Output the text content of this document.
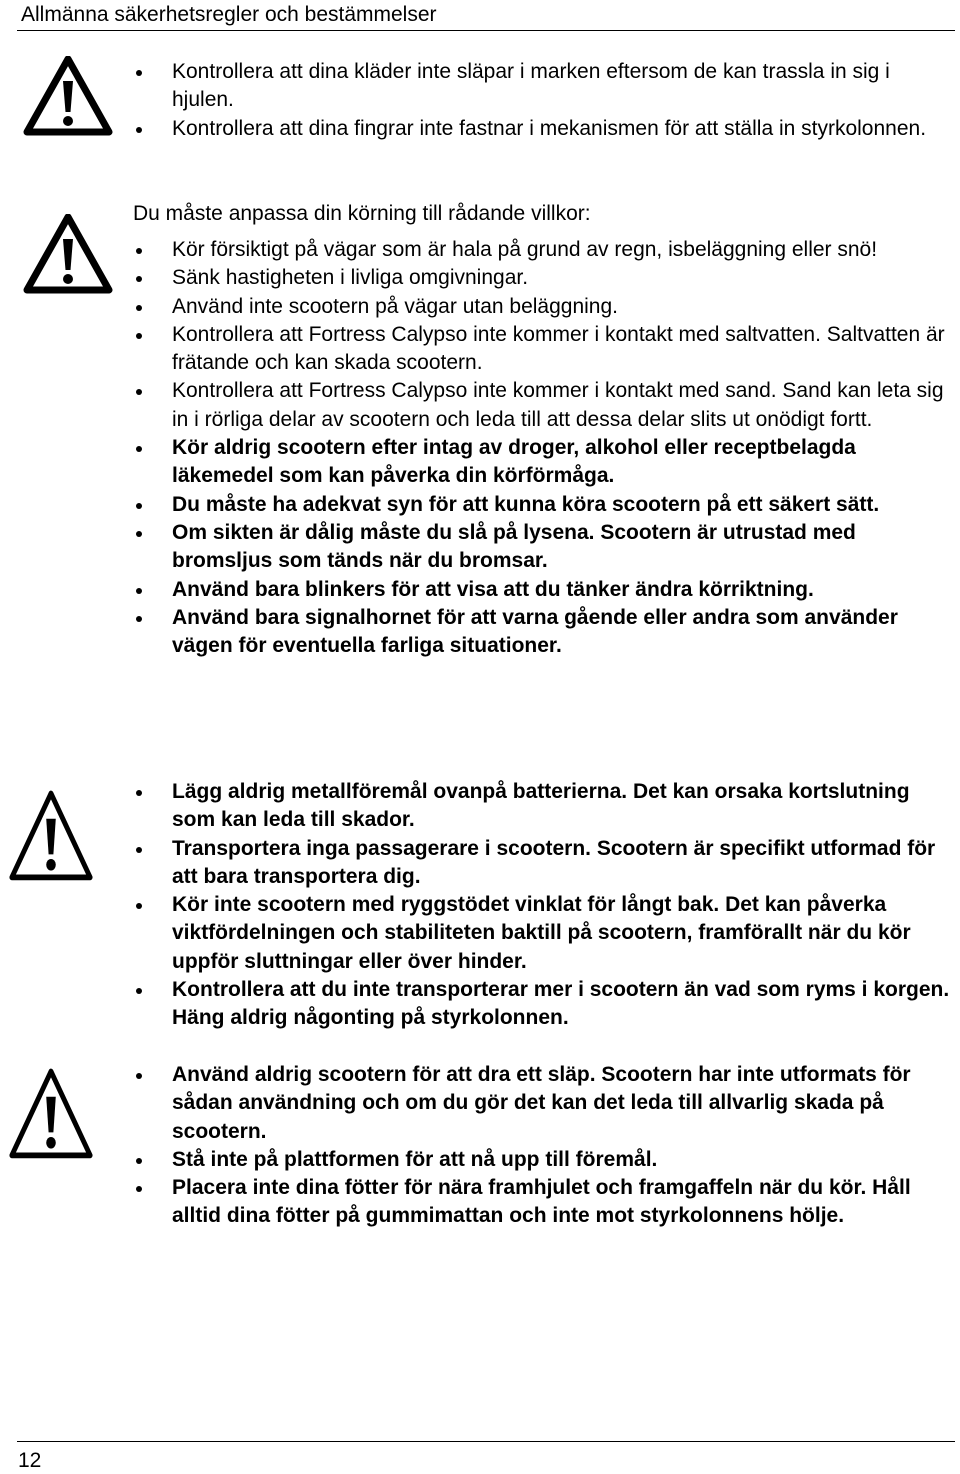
Allmänna säkerhetsregler och bestämmelser
Kontrollera att dina kläder inte släpar i marken eftersom de kan trassla in sig i hjulen.
Kontrollera att dina fingrar inte fastnar i mekanismen för att ställa in styrkolonnen.
Du måste anpassa din körning till rådande villkor:
Kör försiktigt på vägar som är hala på grund av regn, isbeläggning eller snö!
Sänk hastigheten i livliga omgivningar.
Använd inte scootern på vägar utan beläggning.
Kontrollera att Fortress Calypso inte kommer i kontakt med saltvatten. Saltvatten är frätande och kan skada scootern.
Kontrollera att Fortress Calypso inte kommer i kontakt med sand. Sand kan leta sig in i rörliga delar av scootern och leda till att dessa delar slits ut onödigt fortt.
Kör aldrig scootern efter intag av droger, alkohol eller receptbelagda läkemedel som kan påverka din körförmåga.
Du måste ha adekvat syn för att kunna köra scootern på ett säkert sätt.
Om sikten är dålig måste du slå på lysena. Scootern är utrustad med bromsljus som tänds när du bromsar.
Använd bara blinkers för att visa att du tänker ändra körriktning.
Använd bara signalhornet för att varna gående eller andra som använder vägen för eventuella farliga situationer.
Lägg aldrig metallföremål ovanpå batterierna. Det kan orsaka kortslutning som kan leda till skador.
Transportera inga passagerare i scootern. Scootern är specifikt utformad för att bara transportera dig.
Kör inte scootern med ryggstödet vinklat för långt bak. Det kan påverka viktfördelningen och stabiliteten baktill på scootern, framförallt när du kör uppför sluttningar eller över hinder.
Kontrollera att du inte transporterar mer i scootern än vad som ryms i korgen. Häng aldrig någonting på styrkolonnen.
Använd aldrig scootern för att dra ett släp. Scootern har inte utformats för sådan användning och om du gör det kan det leda till allvarlig skada på scootern.
Stå inte på plattformen för att nå upp till föremål.
Placera inte dina fötter för nära framhjulet och framgaffeln när du kör. Håll alltid dina fötter på gummimattan och inte mot styrkolonnens hölje.
12
